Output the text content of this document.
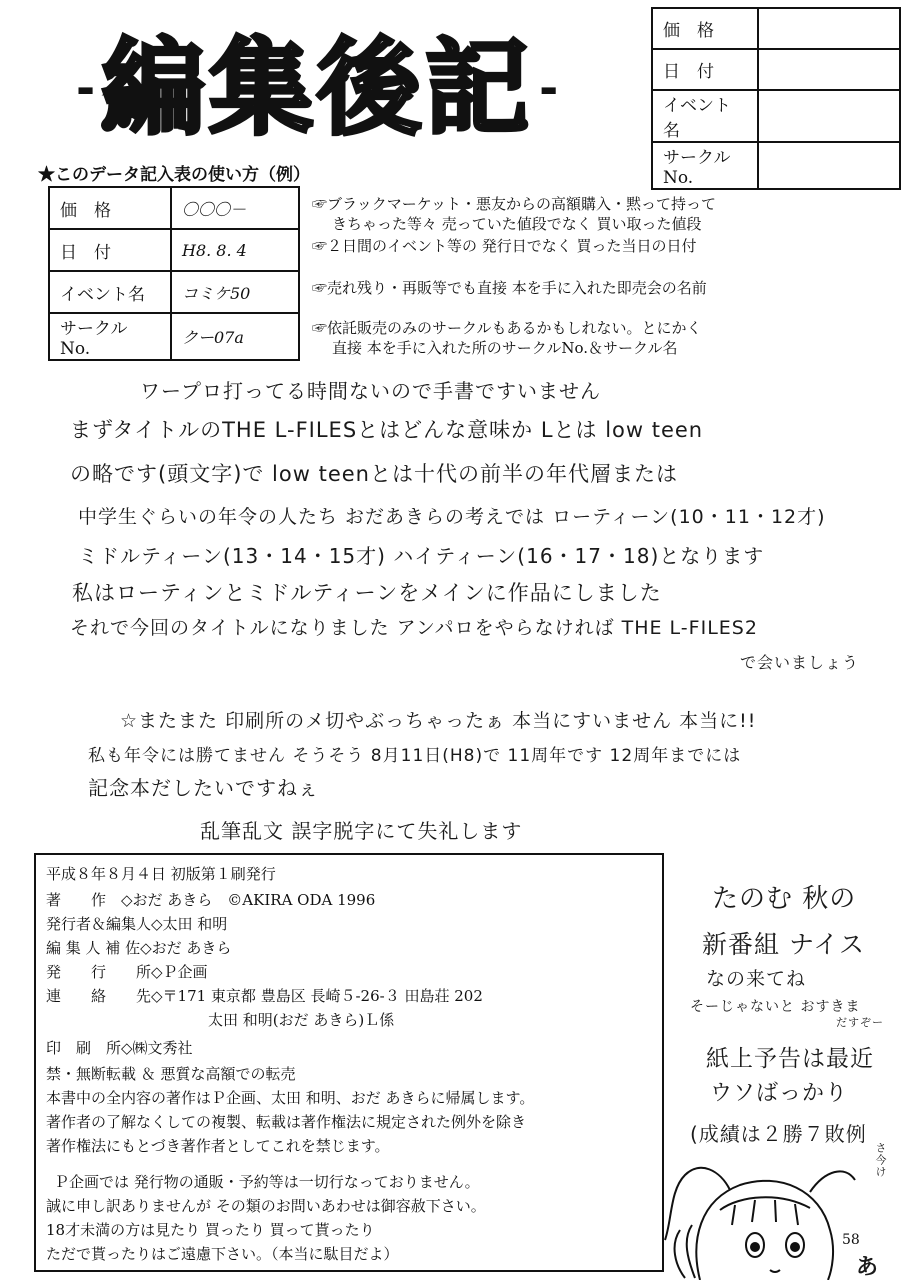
- 編集後記 -
価　格	
日　付	
イベント名	
サークル No.	
★このデータ記入表の使い方（例）
価　格	〇〇〇－
日　付	H8. 8. 4
イベント名	コミケ50
サークル No.	クー07a
☞ブラックマーケット・悪友からの高額購入・黙って持って
きちゃった等々 売っていた値段でなく 買い取った値段
☞２日間のイベント等の 発行日でなく 買った当日の日付
☞売れ残り・再販等でも直接 本を手に入れた即売会の名前
☞依託販売のみのサークルもあるかもしれない。とにかく
直接 本を手に入れた所のサークルNo.＆サークル名
ワープロ打ってる時間ないので手書ですいません
まずタイトルのTHE L-FILESとはどんな意味か Lとは low teen
の略です(頭文字)で low teenとは十代の前半の年代層または
中学生ぐらいの年令の人たち おだあきらの考えでは ローティーン(10・11・12才)
ミドルティーン(13・14・15才) ハイティーン(16・17・18)となります
私はローティンとミドルティーンをメインに作品にしました
それで今回のタイトルになりました アンパロをやらなければ THE L-FILES2
で会いましょう
☆またまた 印刷所のメ切やぶっちゃったぁ 本当にすいません 本当に!!
私も年令には勝てません そうそう 8月11日(H8)で 11周年です 12周年までには
記念本だしたいですねぇ
乱筆乱文 誤字脱字にて失礼します
平成８年８月４日 初版第１刷発行
著　　作　◇おだ あきら　©AKIRA ODA 1996
発行者＆編集人◇太田 和明
編 集 人 補 佐◇おだ あきら
発　　行　　所◇Ｐ企画
連　　絡　　先◇〒171 東京都 豊島区 長崎５-26-３ 田島荘 202
太田 和明(おだ あきら)Ｌ係
印　刷　所◇㈱文秀社
禁・無断転載 ＆ 悪質な高額での転売
本書中の全内容の著作はＰ企画、太田 和明、おだ あきらに帰属します。
著作者の了解なくしての複製、転載は著作権法に規定された例外を除き
著作権法にもとづき著作者としてこれを禁じます。
Ｐ企画では 発行物の通販・予約等は一切行なっておりません。
誠に申し訳ありませんが その類のお問いあわせは御容赦下さい。
18才未満の方は見たり 買ったり 買って貰ったり
ただで貰ったりはご遠慮下さい。（本当に駄目だよ）
たのむ 秋の
新番組 ナイス
なの来てね
そーじゃないと おすきま
だすぞー
紙上予告は最近
ウソばっかり
(成績は２勝７敗例
さ今け
58
あ
